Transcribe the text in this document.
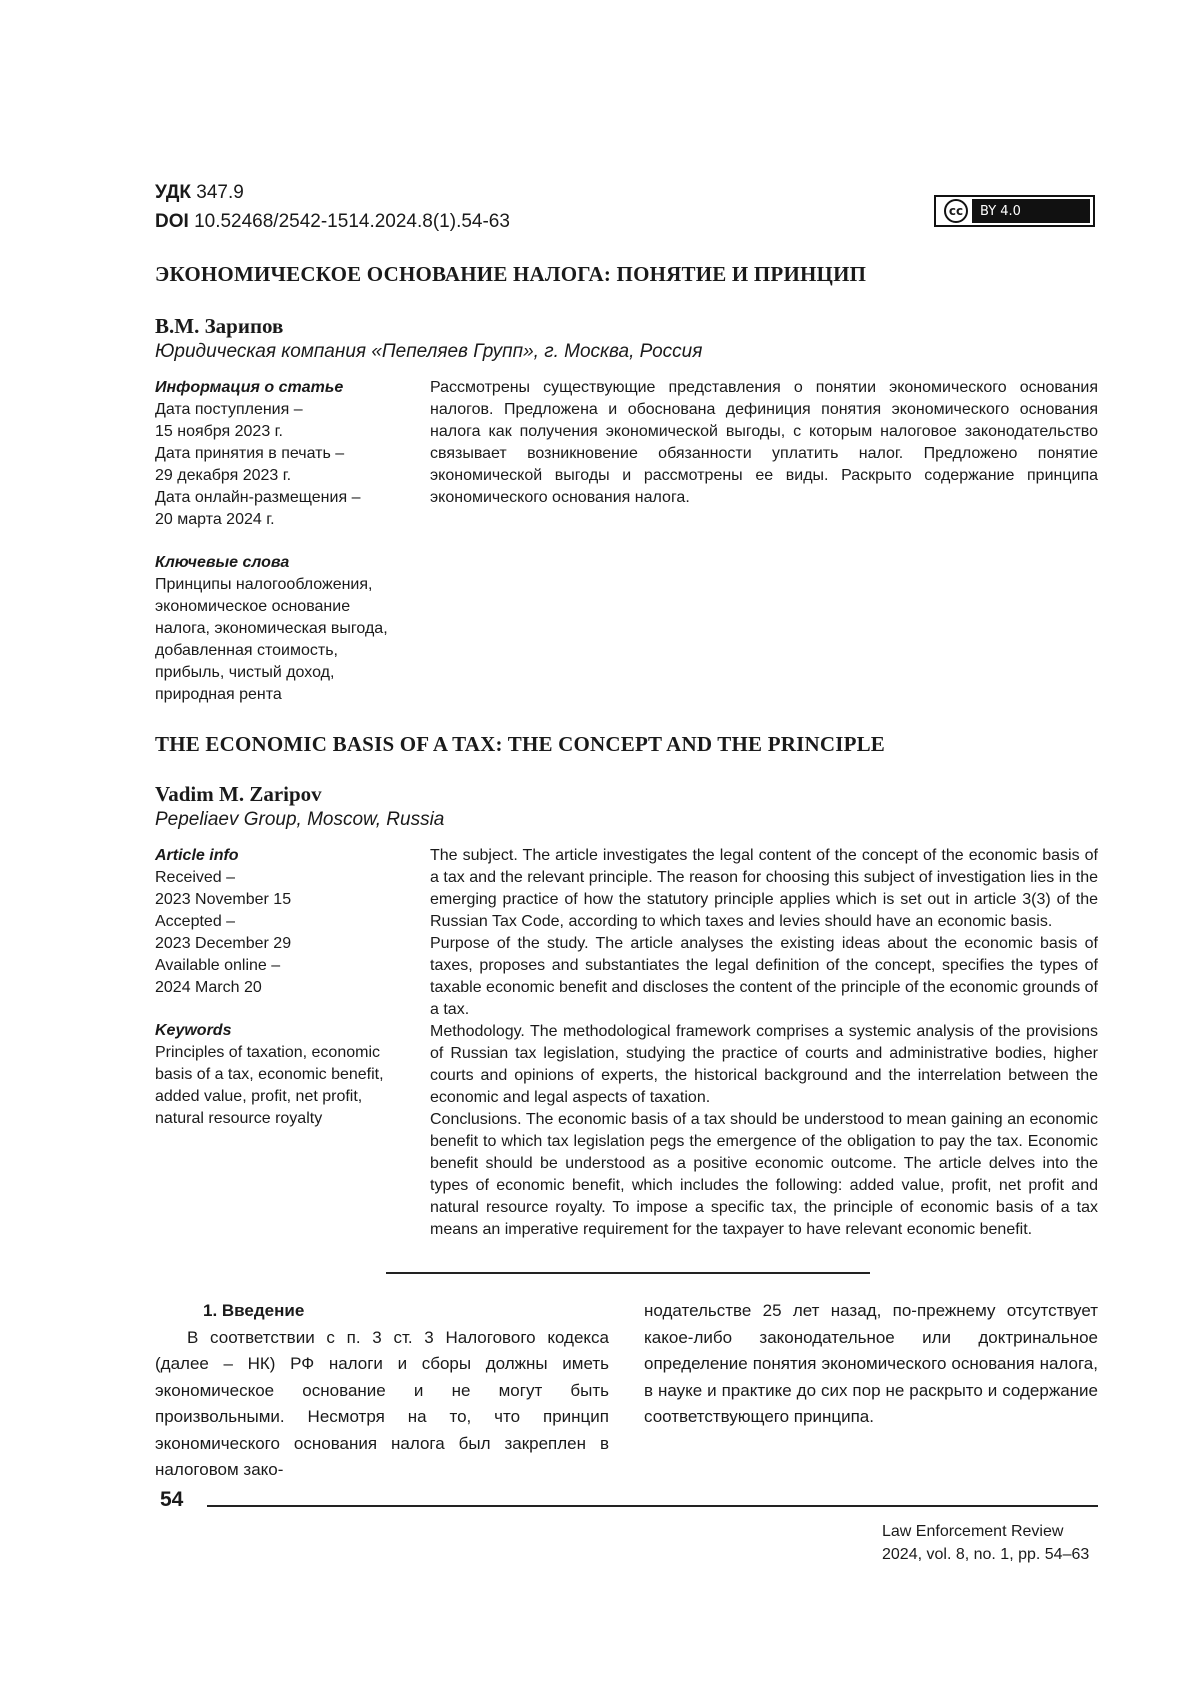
УДК 347.9
DOI 10.52468/2542-1514.2024.8(1).54-63	cc	BY 4.0
ЭКОНОМИЧЕСКОЕ ОСНОВАНИЕ НАЛОГА: ПОНЯТИЕ И ПРИНЦИП
В.М. Зарипов
Юридическая компания «Пепеляев Групп», г. Москва, Россия
Информация о статье
Дата поступления –
15 ноября 2023 г.
Дата принятия в печать –
29 декабря 2023 г.
Дата онлайн-размещения –
20 марта 2024 г.
Ключевые слова
Принципы налогообложения,
экономическое основание
налога, экономическая выгода,
добавленная стоимость,
прибыль, чистый доход,
природная рента

Рассмотрены существующие представления о понятии экономического основания налогов. Предложена и обоснована дефиниция понятия экономического основания налога как получения экономической выгоды, с которым налоговое законодательство связывает возникновение обязанности уплатить налог. Предложено понятие экономической выгоды и рассмотрены ее виды. Раскрыто содержание принципа экономического основания налога.

THE ECONOMIC BASIS OF A TAX: THE CONCEPT AND THE PRINCIPLE
Vadim M. Zaripov
Pepeliaev Group, Moscow, Russia
Article info
Received –
2023 November 15
Accepted –
2023 December 29
Available online –
2024 March 20
Keywords
Principles of taxation, economic
basis of a tax, economic benefit,
added value, profit, net profit,
natural resource royalty

The subject. The article investigates the legal content of the concept of the economic basis of a tax and the relevant principle. The reason for choosing this subject of investigation lies in the emerging practice of how the statutory principle applies which is set out in article 3(3) of the Russian Tax Code, according to which taxes and levies should have an economic basis.

Purpose of the study. The article analyses the existing ideas about the economic basis of taxes, proposes and substantiates the legal definition of the concept, specifies the types of taxable economic benefit and discloses the content of the principle of the economic grounds of a tax.

Methodology. The methodological framework comprises a systemic analysis of the provisions of Russian tax legislation, studying the practice of courts and administrative bodies, higher courts and opinions of experts, the historical background and the interrelation between the economic and legal aspects of taxation.

Conclusions. The economic basis of a tax should be understood to mean gaining an economic benefit to which tax legislation pegs the emergence of the obligation to pay the tax. Economic benefit should be understood as a positive economic outcome. The article delves into the types of economic benefit, which includes the following: added value, profit, net profit and natural resource royalty. To impose a specific tax, the principle of economic basis of a tax means an imperative requirement for the taxpayer to have relevant economic benefit.

1. Введение

В соответствии с п. 3 ст. 3 Налогового кодекса (далее – НК) РФ налоги и сборы должны иметь экономическое основание и не могут быть произвольными. Несмотря на то, что принцип экономического основания налога был закреплен в налоговом зако-

нодательстве 25 лет назад, по-прежнему отсутствует какое-либо законодательное или доктринальное определение понятия экономического основания налога, в науке и практике до сих пор не раскрыто и содержание соответствующего принципа.

54
Law Enforcement Review
2024, vol. 8, no. 1, pp. 54–63
